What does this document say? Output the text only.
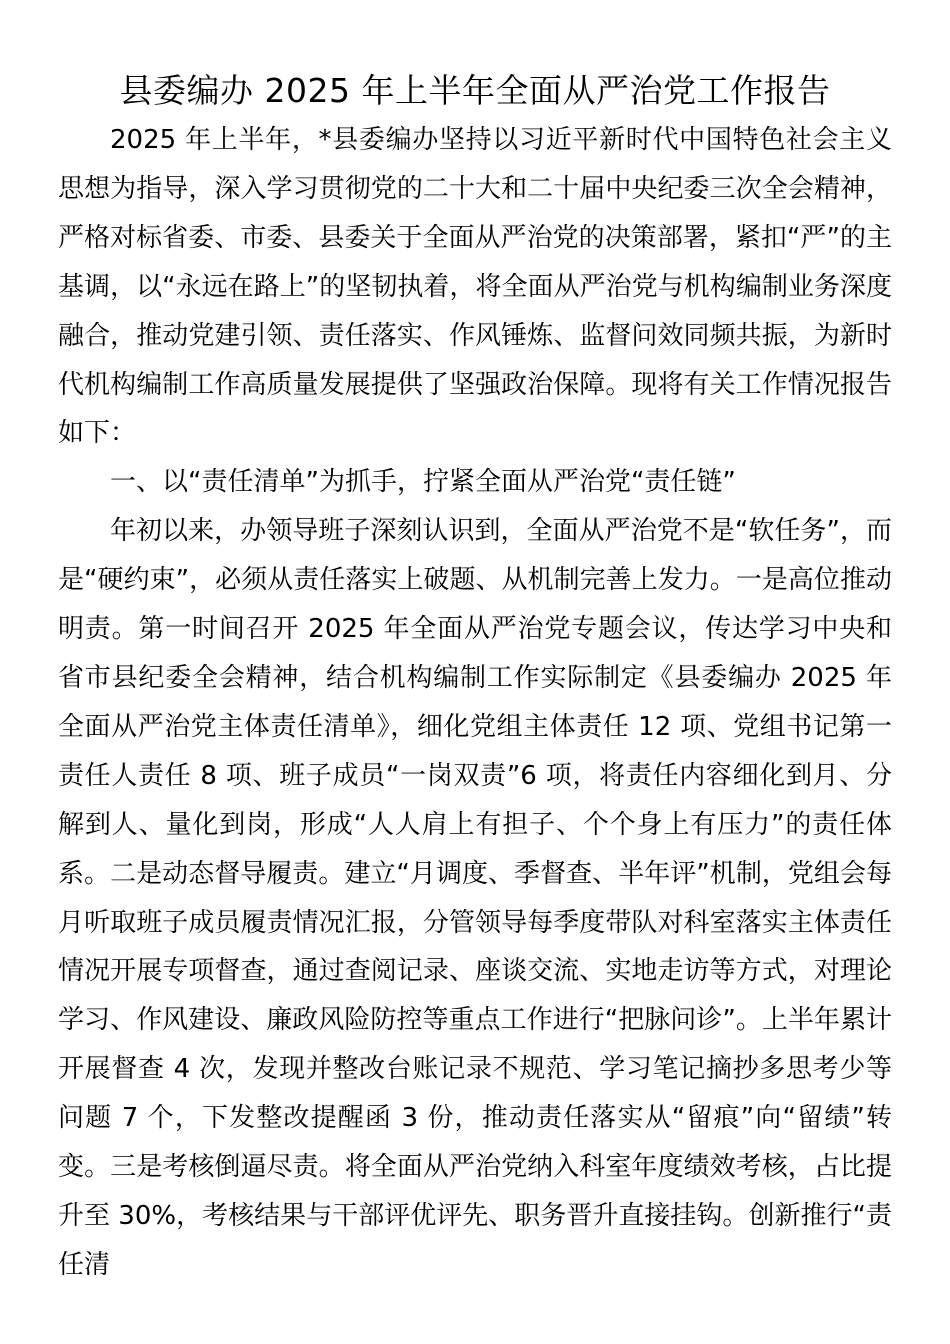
县委编办 2025 年上半年全面从严治党工作报告

2025 年上半年，*县委编办坚持以习近平新时代中国特色社会主义思想为指导，深入学习贯彻党的二十大和二十届中央纪委三次全会精神，严格对标省委、市委、县委关于全面从严治党的决策部署，紧扣“严”的主基调，以“永远在路上”的坚韧执着，将全面从严治党与机构编制业务深度融合，推动党建引领、责任落实、作风锤炼、监督问效同频共振，为新时代机构编制工作高质量发展提供了坚强政治保障。现将有关工作情况报告如下：

一、以“责任清单”为抓手，拧紧全面从严治党“责任链”

年初以来，办领导班子深刻认识到，全面从严治党不是“软任务”，而是“硬约束”，必须从责任落实上破题、从机制完善上发力。一是高位推动明责。第一时间召开 2025 年全面从严治党专题会议，传达学习中央和省市县纪委全会精神，结合机构编制工作实际制定《县委编办 2025 年全面从严治党主体责任清单》，细化党组主体责任 12 项、党组书记第一责任人责任 8 项、班子成员“一岗双责”6 项，将责任内容细化到月、分解到人、量化到岗，形成“人人肩上有担子、个个身上有压力”的责任体系。二是动态督导履责。建立“月调度、季督查、半年评”机制，党组会每月听取班子成员履责情况汇报，分管领导每季度带队对科室落实主体责任情况开展专项督查，通过查阅记录、座谈交流、实地走访等方式，对理论学习、作风建设、廉政风险防控等重点工作进行“把脉问诊”。上半年累计开展督查 4 次，发现并整改台账记录不规范、学习笔记摘抄多思考少等问题 7 个，下发整改提醒函 3 份，推动责任落实从“留痕”向“留绩”转变。三是考核倒逼尽责。将全面从严治党纳入科室年度绩效考核，占比提升至 30%，考核结果与干部评优评先、职务晋升直接挂钩。创新推行“责任清
